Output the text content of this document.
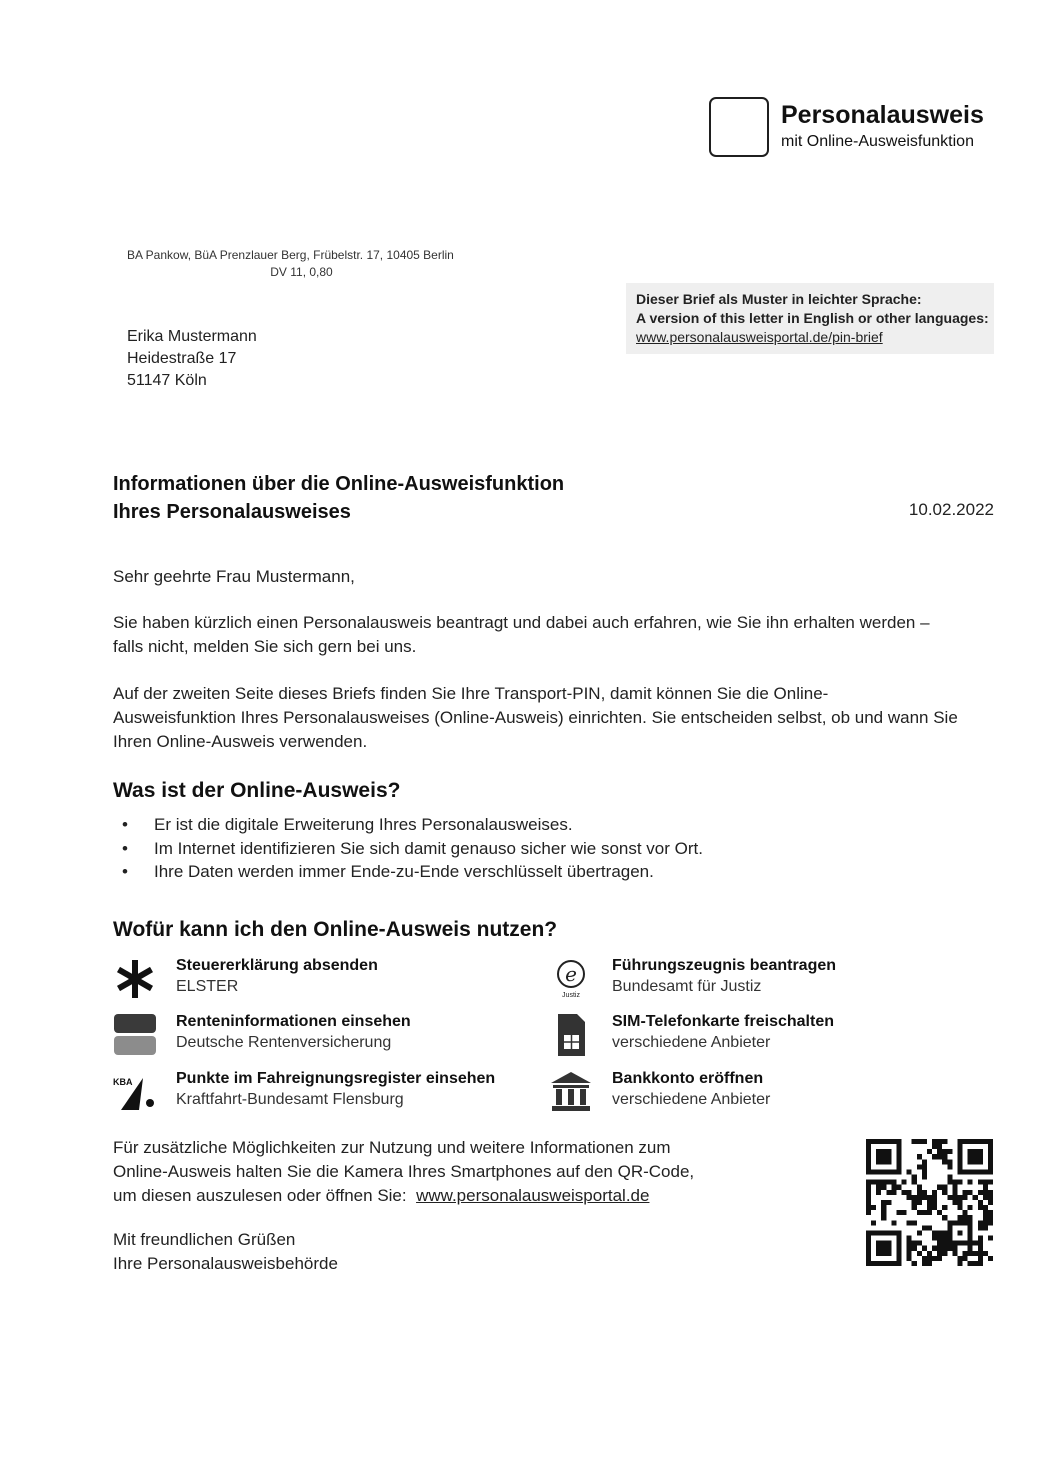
Personalausweis
mit Online-Ausweisfunktion
BA Pankow, BüA Prenzlauer Berg, Frübelstr. 17, 10405 Berlin
DV 11, 0,80
Dieser Brief als Muster in leichter Sprache:
A version of this letter in English or other languages:
www.personalausweisportal.de/pin-brief
Erika Mustermann
Heidestraße 17
51147 Köln
Informationen über die Online-Ausweisfunktion
Ihres Personalausweises	10.02.2022
Sehr geehrte Frau Mustermann,
Sie haben kürzlich einen Personalausweis beantragt und dabei auch erfahren, wie Sie ihn erhalten werden –
falls nicht, melden Sie sich gern bei uns.
Auf der zweiten Seite dieses Briefs finden Sie Ihre Transport-PIN, damit können Sie die Online-
Ausweisfunktion Ihres Personalausweises (Online-Ausweis) einrichten. Sie entscheiden selbst, ob und wann Sie
Ihren Online-Ausweis verwenden.
Was ist der Online-Ausweis?
• Er ist die digitale Erweiterung Ihres Personalausweises.
• Im Internet identifizieren Sie sich damit genauso sicher wie sonst vor Ort.
• Ihre Daten werden immer Ende-zu-Ende verschlüsselt übertragen.
Wofür kann ich den Online-Ausweis nutzen?
Steuererklärung absenden
ELSTER
e
Justiz
Führungszeugnis beantragen
Bundesamt für Justiz
Renteninformationen einsehen
Deutsche Rentenversicherung
SIM-Telefonkarte freischalten
verschiedene Anbieter
KBA	Punkte im Fahreignungsregister einsehen
Kraftfahrt-Bundesamt Flensburg
Bankkonto eröffnen
verschiedene Anbieter
Für zusätzliche Möglichkeiten zur Nutzung und weitere Informationen zum
Online-Ausweis halten Sie die Kamera Ihres Smartphones auf den QR-Code,
um diesen auszulesen oder öffnen Sie: www.personalausweisportal.de
Mit freundlichen Grüßen
Ihre Personalausweisbehörde
